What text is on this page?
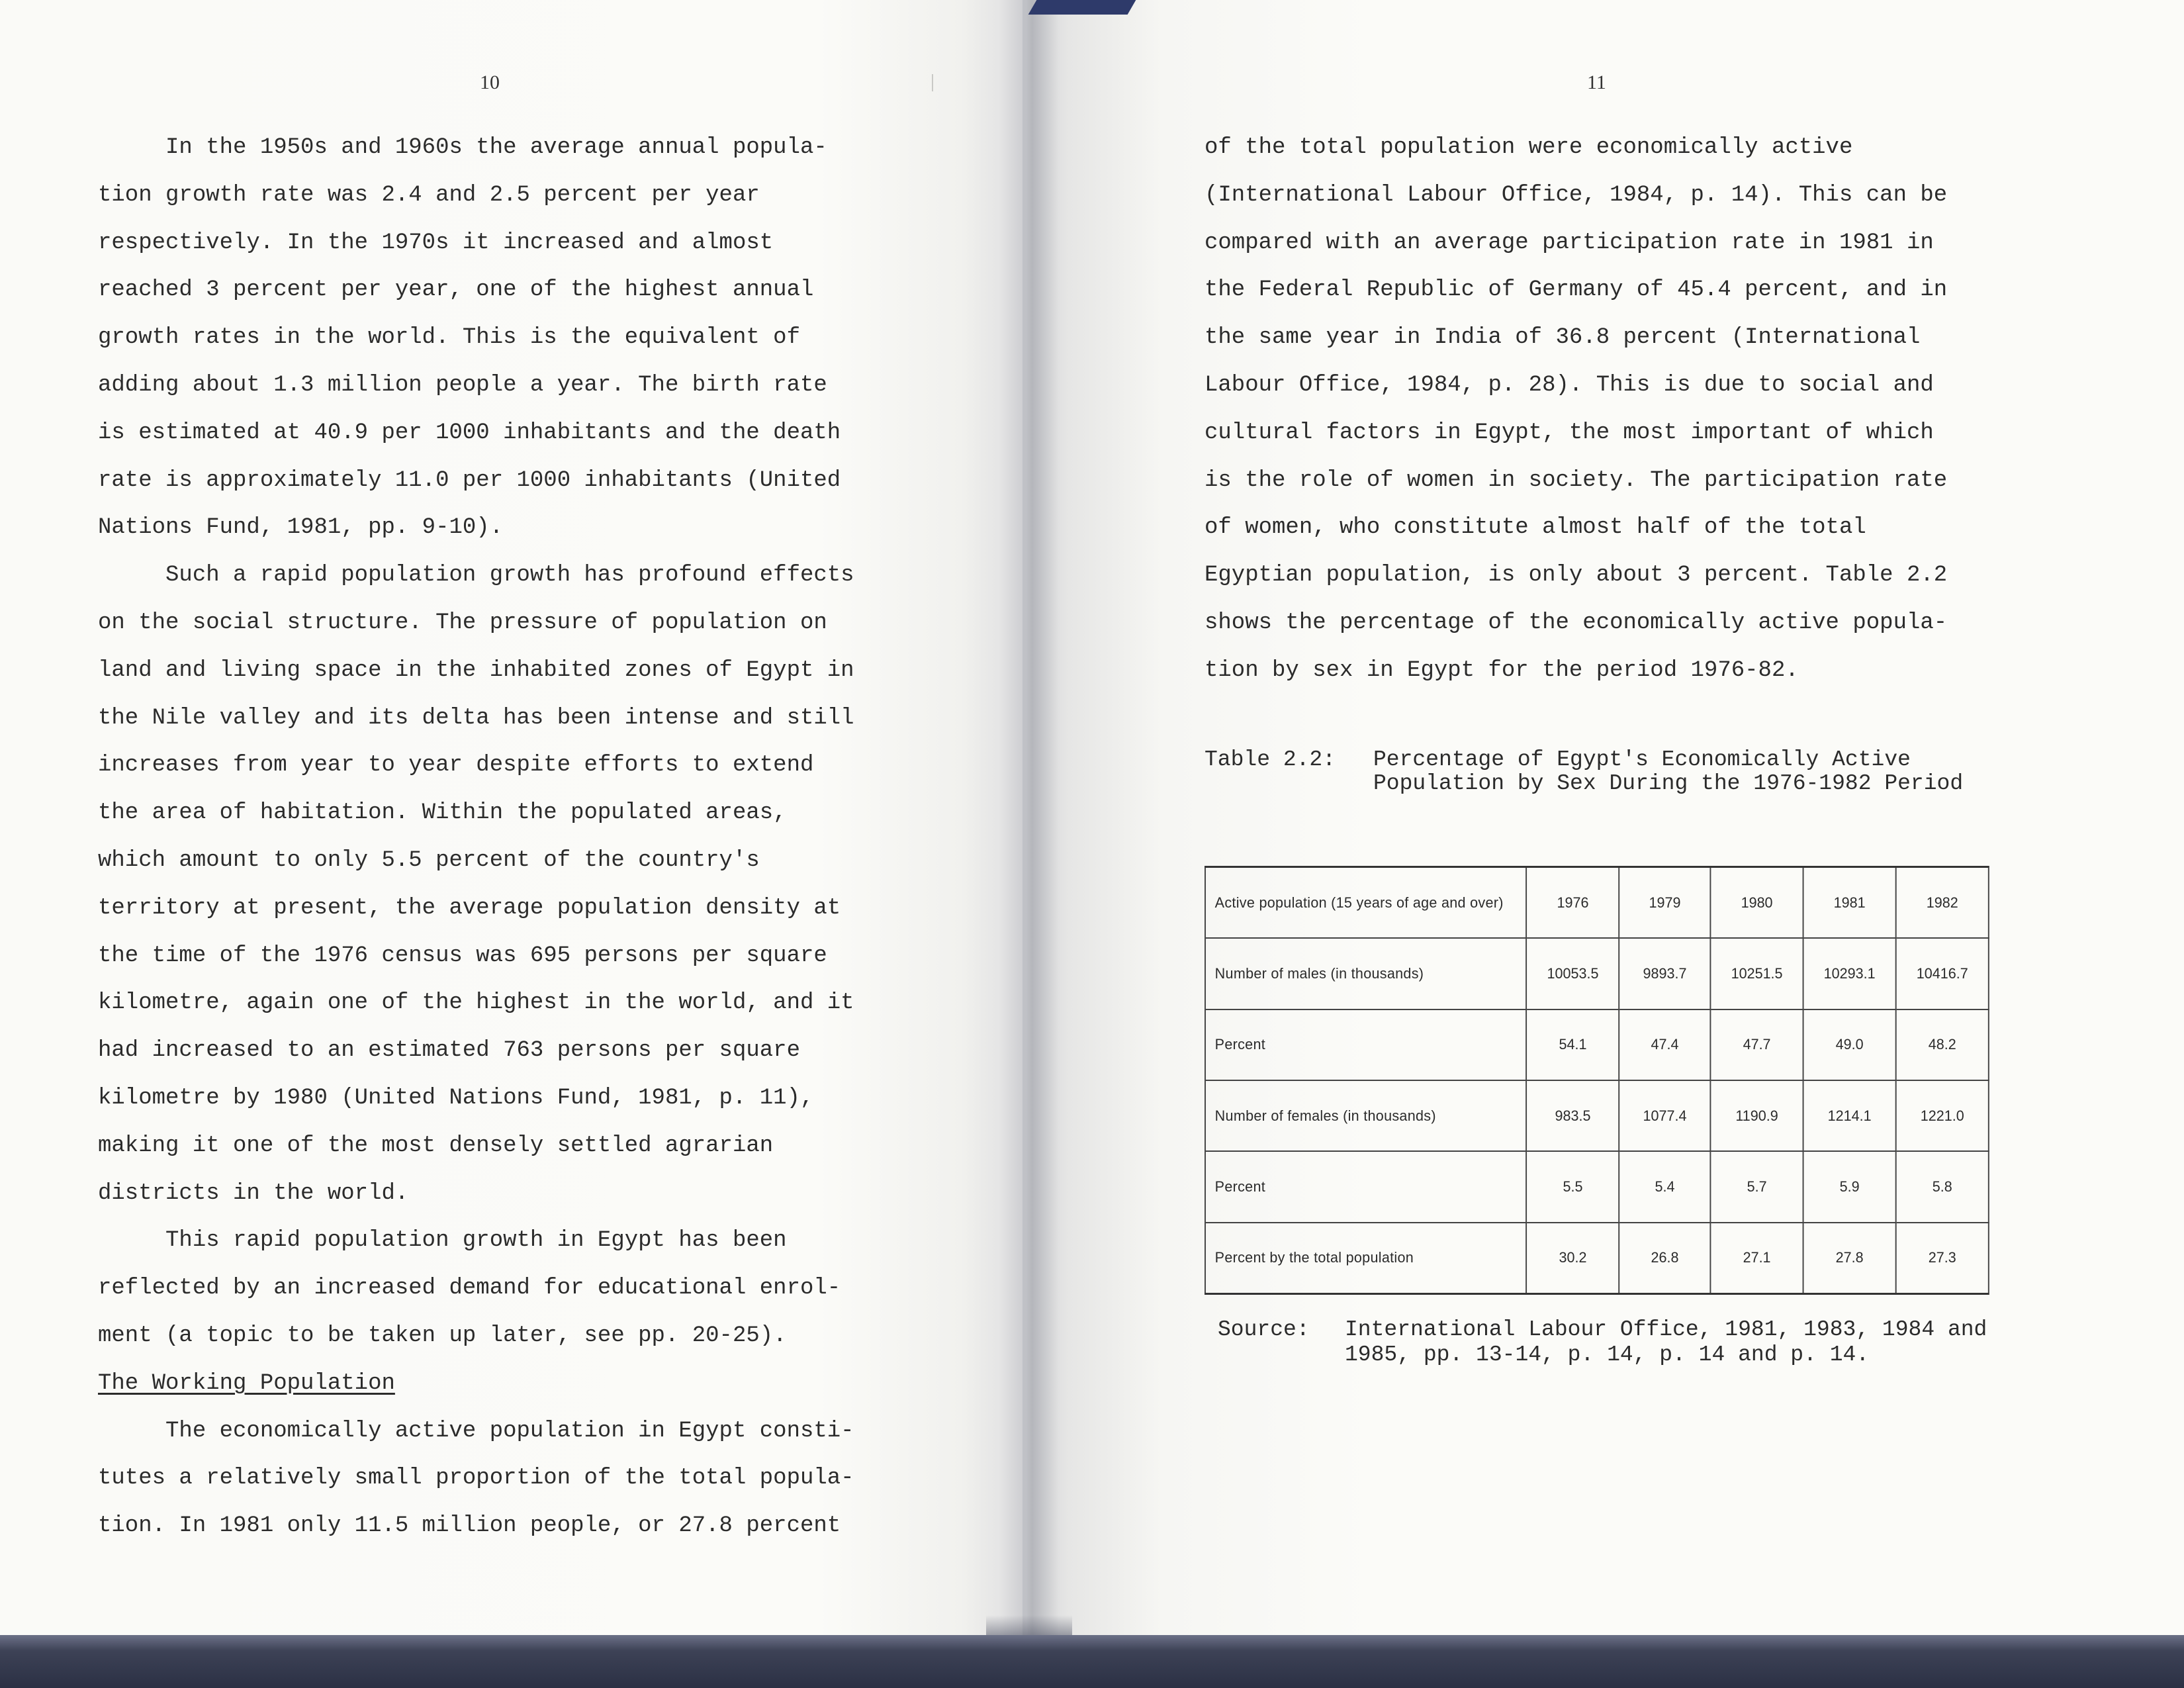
10
In the 1950s and 1960s the average annual popula-
tion growth rate was 2.4 and 2.5 percent per year
respectively. In the 1970s it increased and almost
reached 3 percent per year, one of the highest annual
growth rates in the world. This is the equivalent of
adding about 1.3 million people a year. The birth rate
is estimated at 40.9 per 1000 inhabitants and the death
rate is approximately 11.0 per 1000 inhabitants (United
Nations Fund, 1981, pp. 9-10).
Such a rapid population growth has profound effects
on the social structure. The pressure of population on
land and living space in the inhabited zones of Egypt in
the Nile valley and its delta has been intense and still
increases from year to year despite efforts to extend
the area of habitation. Within the populated areas,
which amount to only 5.5 percent of the country's
territory at present, the average population density at
the time of the 1976 census was 695 persons per square
kilometre, again one of the highest in the world, and it
had increased to an estimated 763 persons per square
kilometre by 1980 (United Nations Fund, 1981, p. 11),
making it one of the most densely settled agrarian
districts in the world.
This rapid population growth in Egypt has been
reflected by an increased demand for educational enrol-
ment (a topic to be taken up later, see pp. 20-25).
The Working Population
The economically active population in Egypt consti-
tutes a relatively small proportion of the total popula-
tion. In 1981 only 11.5 million people, or 27.8 percent
11
of the total population were economically active
(International Labour Office, 1984, p. 14). This can be
compared with an average participation rate in 1981 in
the Federal Republic of Germany of 45.4 percent, and in
the same year in India of 36.8 percent (International
Labour Office, 1984, p. 28). This is due to social and
cultural factors in Egypt, the most important of which
is the role of women in society. The participation rate
of women, who constitute almost half of the total
Egyptian population, is only about 3 percent. Table 2.2
shows the percentage of the economically active popula-
tion by sex in Egypt for the period 1976-82.
Table 2.2: Percentage of Egypt's Economically Active Population by Sex During the 1976-1982 Period
Active population (15 years of age and over)	1976	1979	1980	1981	1982
Number of males (in thousands)	10053.5	9893.7	10251.5	10293.1	10416.7
Percent	54.1	47.4	47.7	49.0	48.2
Number of females (in thousands)	983.5	1077.4	1190.9	1214.1	1221.0
Percent	5.5	5.4	5.7	5.9	5.8
Percent by the total population	30.2	26.8	27.1	27.8	27.3
Source: International Labour Office, 1981, 1983, 1984 and 1985, pp. 13-14, p. 14, p. 14 and p. 14.
